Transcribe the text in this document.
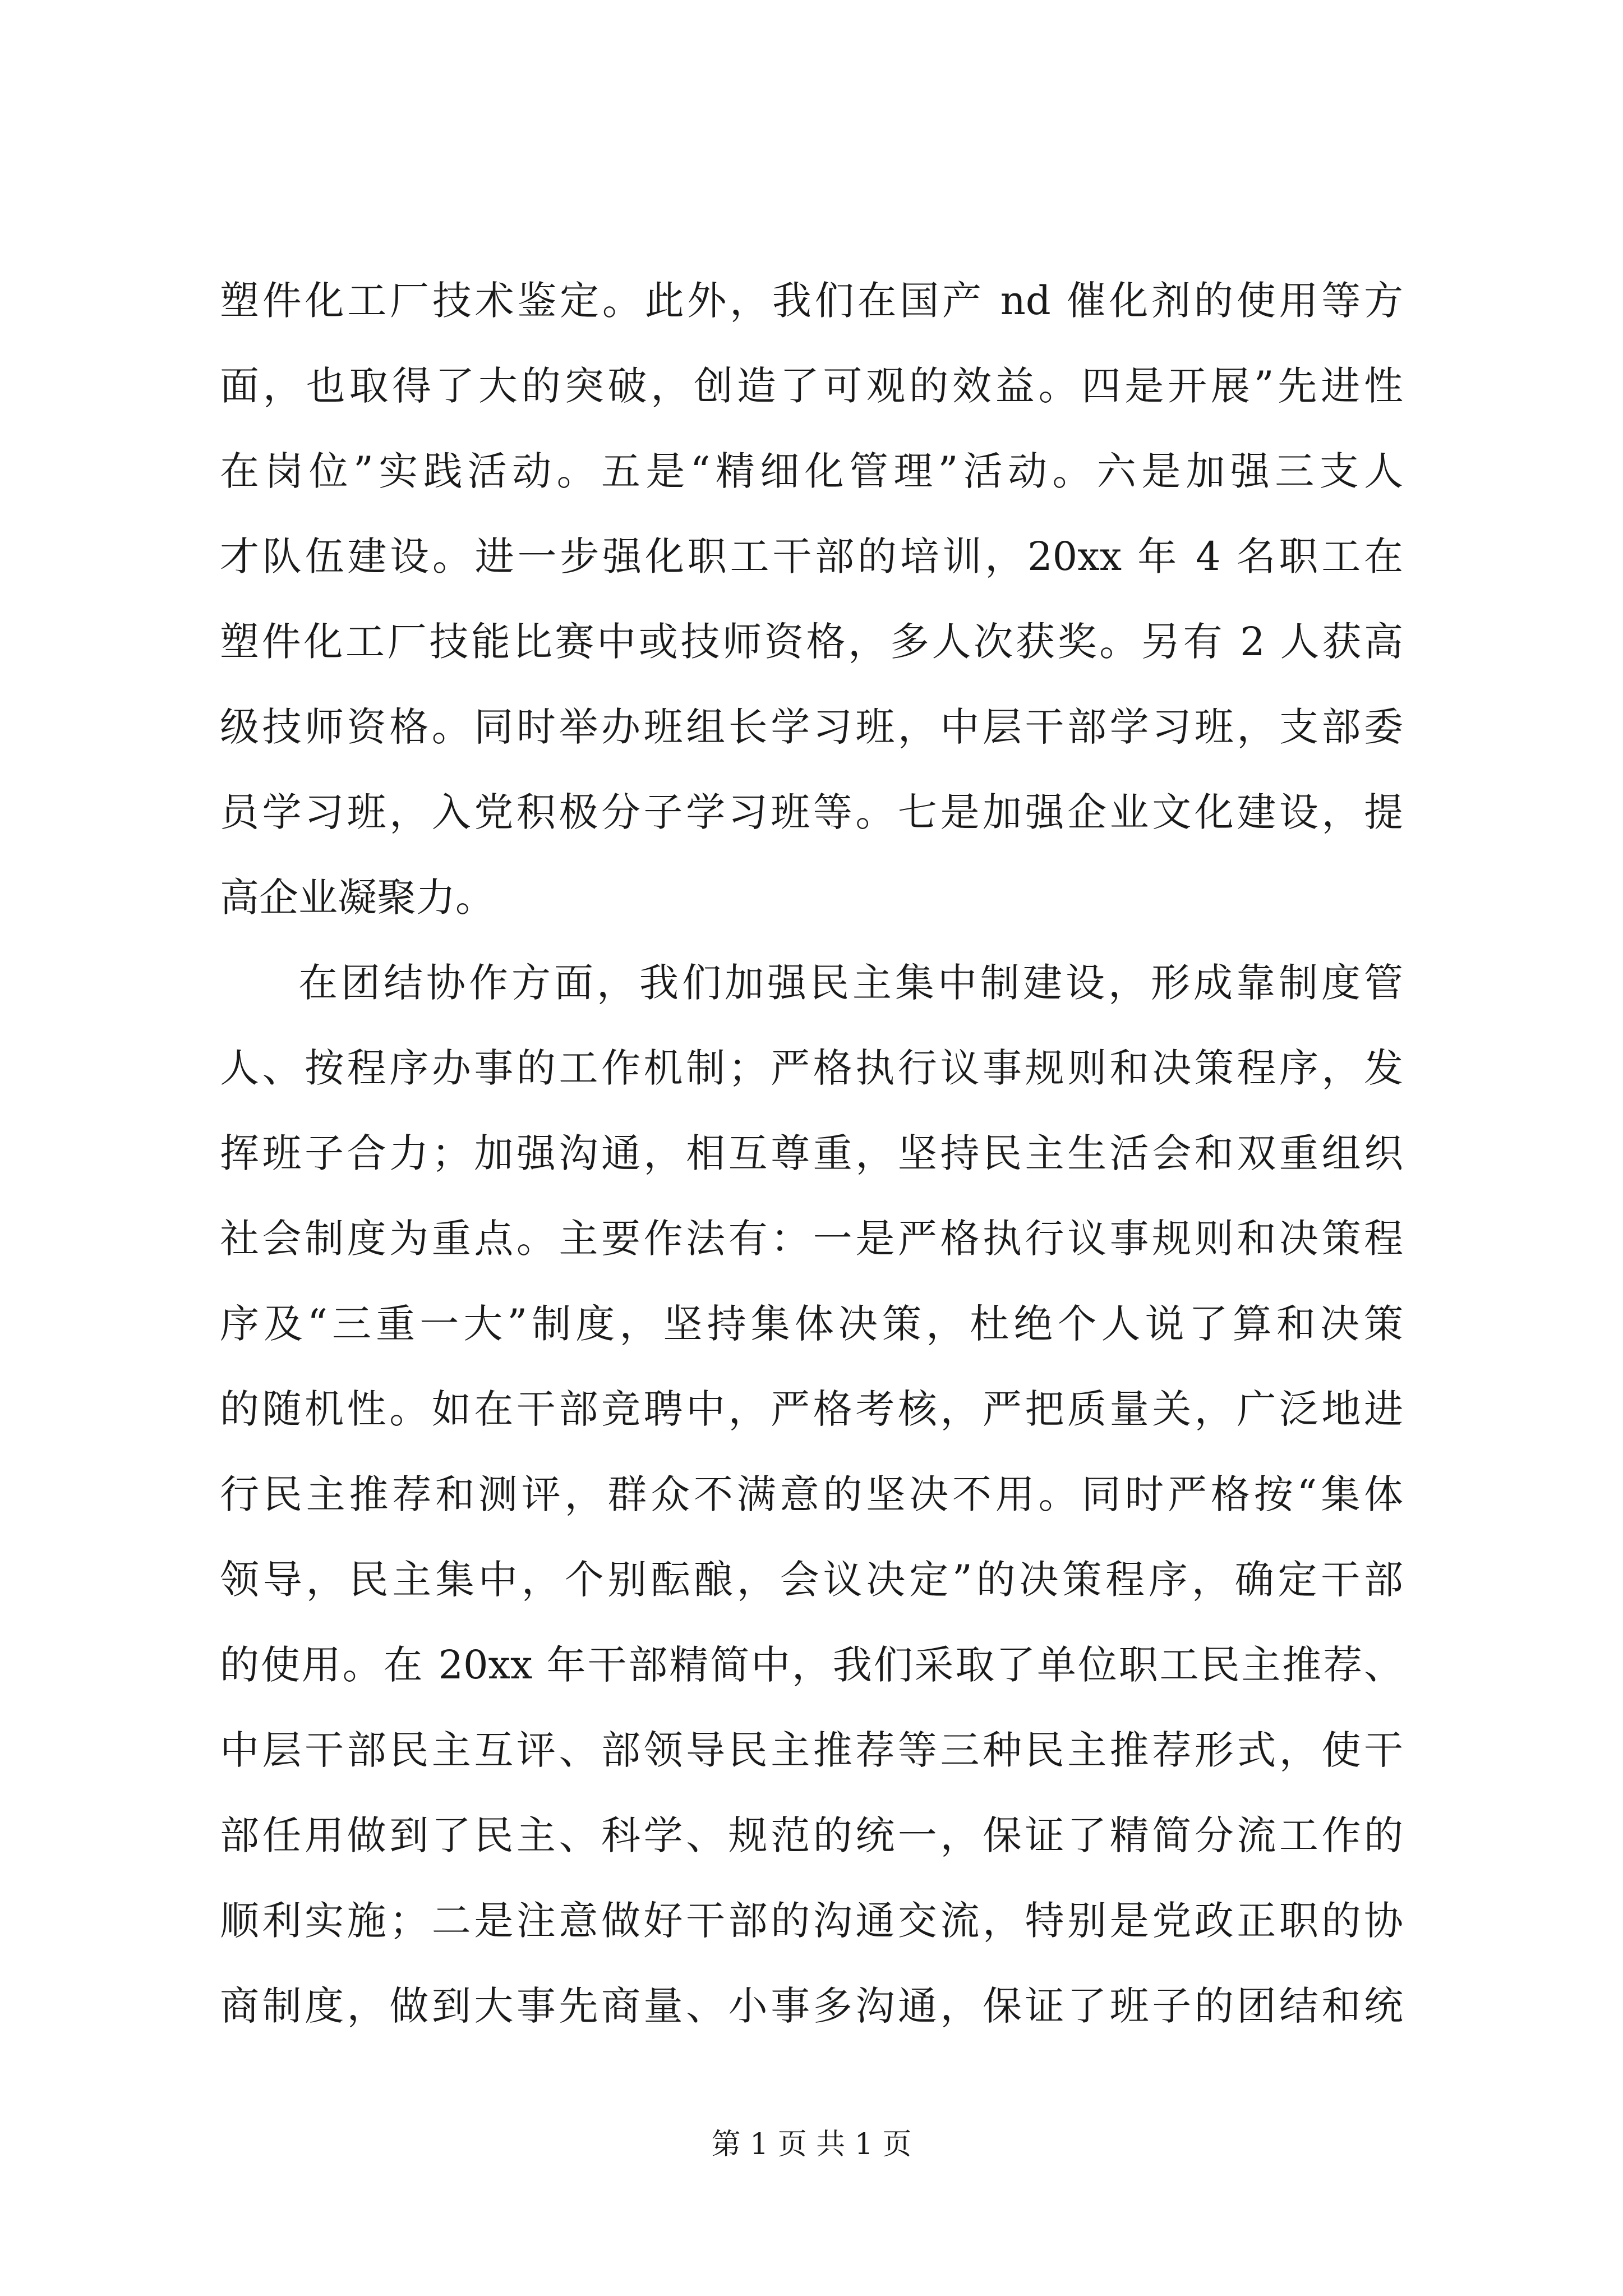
塑件化工厂技术鉴定。此外，我们在国产 nd 催化剂的使用等方
面，也取得了大的突破，创造了可观的效益。四是开展”先进性
在岗位”实践活动。五是“精细化管理”活动。六是加强三支人
才队伍建设。进一步强化职工干部的培训，20xx 年 4 名职工在
塑件化工厂技能比赛中或技师资格，多人次获奖。另有 2 人获高
级技师资格。同时举办班组长学习班，中层干部学习班，支部委
员学习班，入党积极分子学习班等。七是加强企业文化建设，提
高企业凝聚力。
在团结协作方面，我们加强民主集中制建设，形成靠制度管
人、按程序办事的工作机制；严格执行议事规则和决策程序，发
挥班子合力；加强沟通，相互尊重，坚持民主生活会和双重组织
社会制度为重点。主要作法有：一是严格执行议事规则和决策程
序及“三重一大”制度，坚持集体决策，杜绝个人说了算和决策
的随机性。如在干部竞聘中，严格考核，严把质量关，广泛地进
行民主推荐和测评，群众不满意的坚决不用。同时严格按“集体
领导，民主集中，个别酝酿，会议决定”的决策程序，确定干部
的使用。在 20xx 年干部精简中，我们采取了单位职工民主推荐、
中层干部民主互评、部领导民主推荐等三种民主推荐形式，使干
部任用做到了民主、科学、规范的统一，保证了精简分流工作的
顺利实施；二是注意做好干部的沟通交流，特别是党政正职的协
商制度，做到大事先商量、小事多沟通，保证了班子的团结和统
第 1 页 共 1 页
